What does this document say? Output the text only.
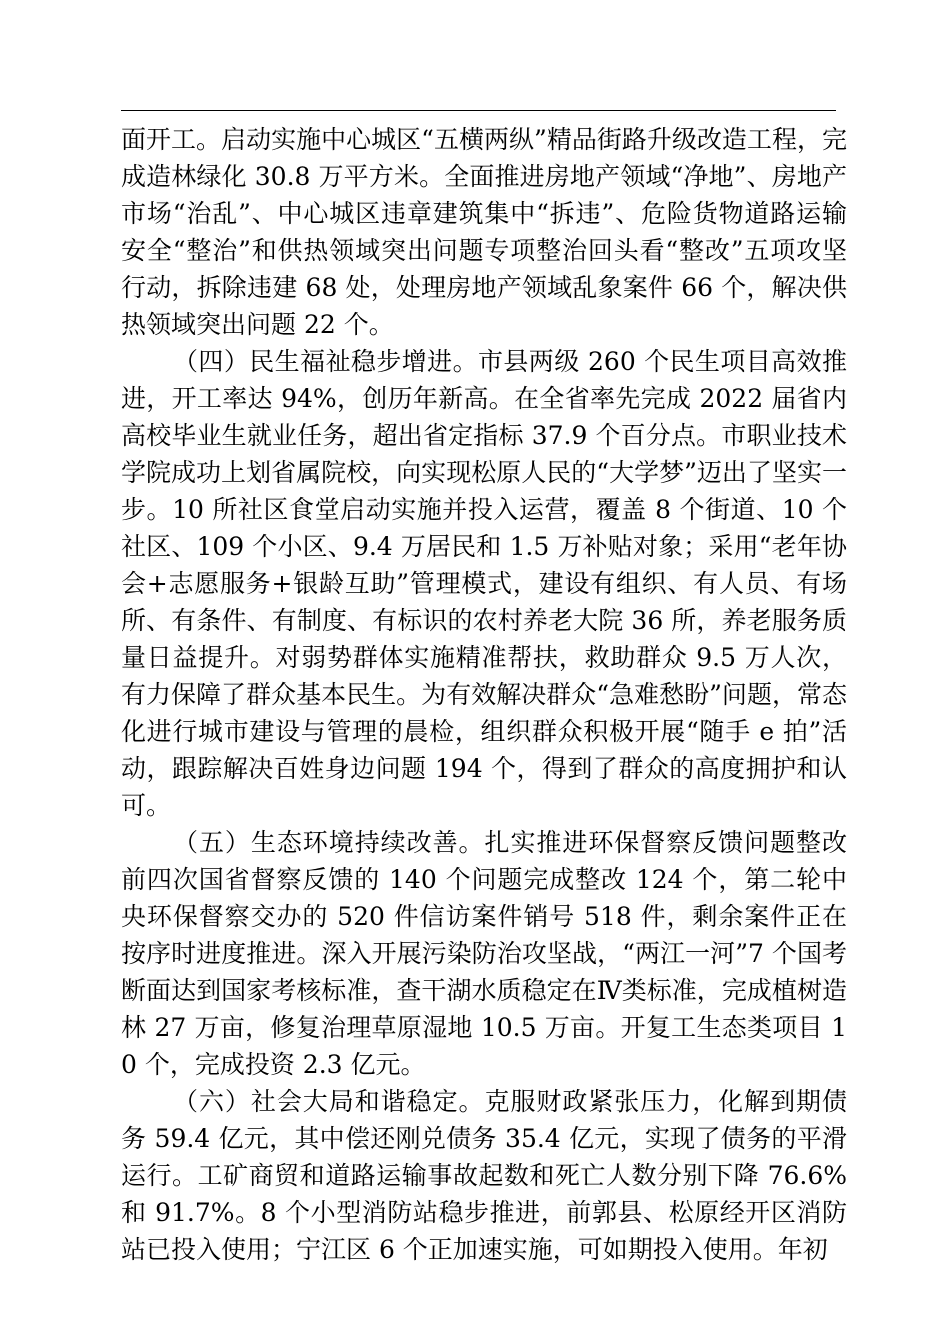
面开工。启动实施中心城区“五横两纵”精品街路升级改造工程，完成造林绿化 30.8 万平方米。全面推进房地产领域“净地”、房地产市场“治乱”、中心城区违章建筑集中“拆违”、危险货物道路运输安全“整治”和供热领域突出问题专项整治回头看“整改”五项攻坚行动，拆除违建 68 处，处理房地产领域乱象案件 66 个，解决供热领域突出问题 22 个。

（四）民生福祉稳步增进。市县两级 260 个民生项目高效推进，开工率达 94%，创历年新高。在全省率先完成 2022 届省内高校毕业生就业任务，超出省定指标 37.9 个百分点。市职业技术学院成功上划省属院校，向实现松原人民的“大学梦”迈出了坚实一步。10 所社区食堂启动实施并投入运营，覆盖 8 个街道、10 个社区、109 个小区、9.4 万居民和 1.5 万补贴对象；采用“老年协会+志愿服务+银龄互助”管理模式，建设有组织、有人员、有场所、有条件、有制度、有标识的农村养老大院 36 所，养老服务质量日益提升。对弱势群体实施精准帮扶，救助群众 9.5 万人次，有力保障了群众基本民生。为有效解决群众“急难愁盼”问题，常态化进行城市建设与管理的晨检，组织群众积极开展“随手 e 拍”活动，跟踪解决百姓身边问题 194 个，得到了群众的高度拥护和认可。

（五）生态环境持续改善。扎实推进环保督察反馈问题整改前四次国省督察反馈的 140 个问题完成整改 124 个，第二轮中央环保督察交办的 520 件信访案件销号 518 件，剩余案件正在按序时进度推进。深入开展污染防治攻坚战，“两江一河”7 个国考断面达到国家考核标准，查干湖水质稳定在Ⅳ类标准，完成植树造林 27 万亩，修复治理草原湿地 10.5 万亩。开复工生态类项目 10 个，完成投资 2.3 亿元。

（六）社会大局和谐稳定。克服财政紧张压力，化解到期债务 59.4 亿元，其中偿还刚兑债务 35.4 亿元，实现了债务的平滑运行。工矿商贸和道路运输事故起数和死亡人数分别下降 76.6% 和 91.7%。8 个小型消防站稳步推进，前郭县、松原经开区消防站已投入使用；宁江区 6 个正加速实施，可如期投入使用。年初
